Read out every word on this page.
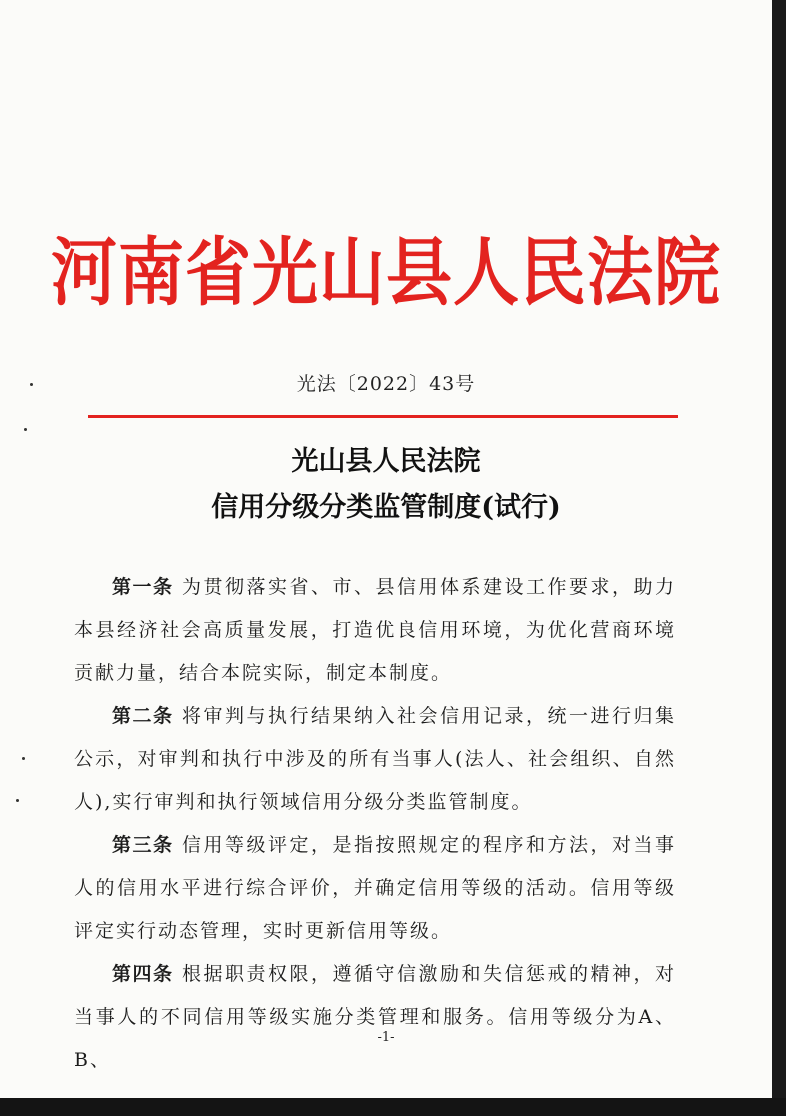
河南省光山县人民法院
光法〔2022〕43号
光山县人民法院
信用分级分类监管制度(试行)

第一条 为贯彻落实省、市、县信用体系建设工作要求，助力本县经济社会高质量发展，打造优良信用环境，为优化营商环境贡献力量，结合本院实际，制定本制度。

第二条 将审判与执行结果纳入社会信用记录，统一进行归集公示，对审判和执行中涉及的所有当事人(法人、社会组织、自然人),实行审判和执行领域信用分级分类监管制度。

第三条 信用等级评定，是指按照规定的程序和方法，对当事人的信用水平进行综合评价，并确定信用等级的活动。信用等级评定实行动态管理，实时更新信用等级。

第四条 根据职责权限，遵循守信激励和失信惩戒的精神，对当事人的不同信用等级实施分类管理和服务。信用等级分为A、B、

-1-
